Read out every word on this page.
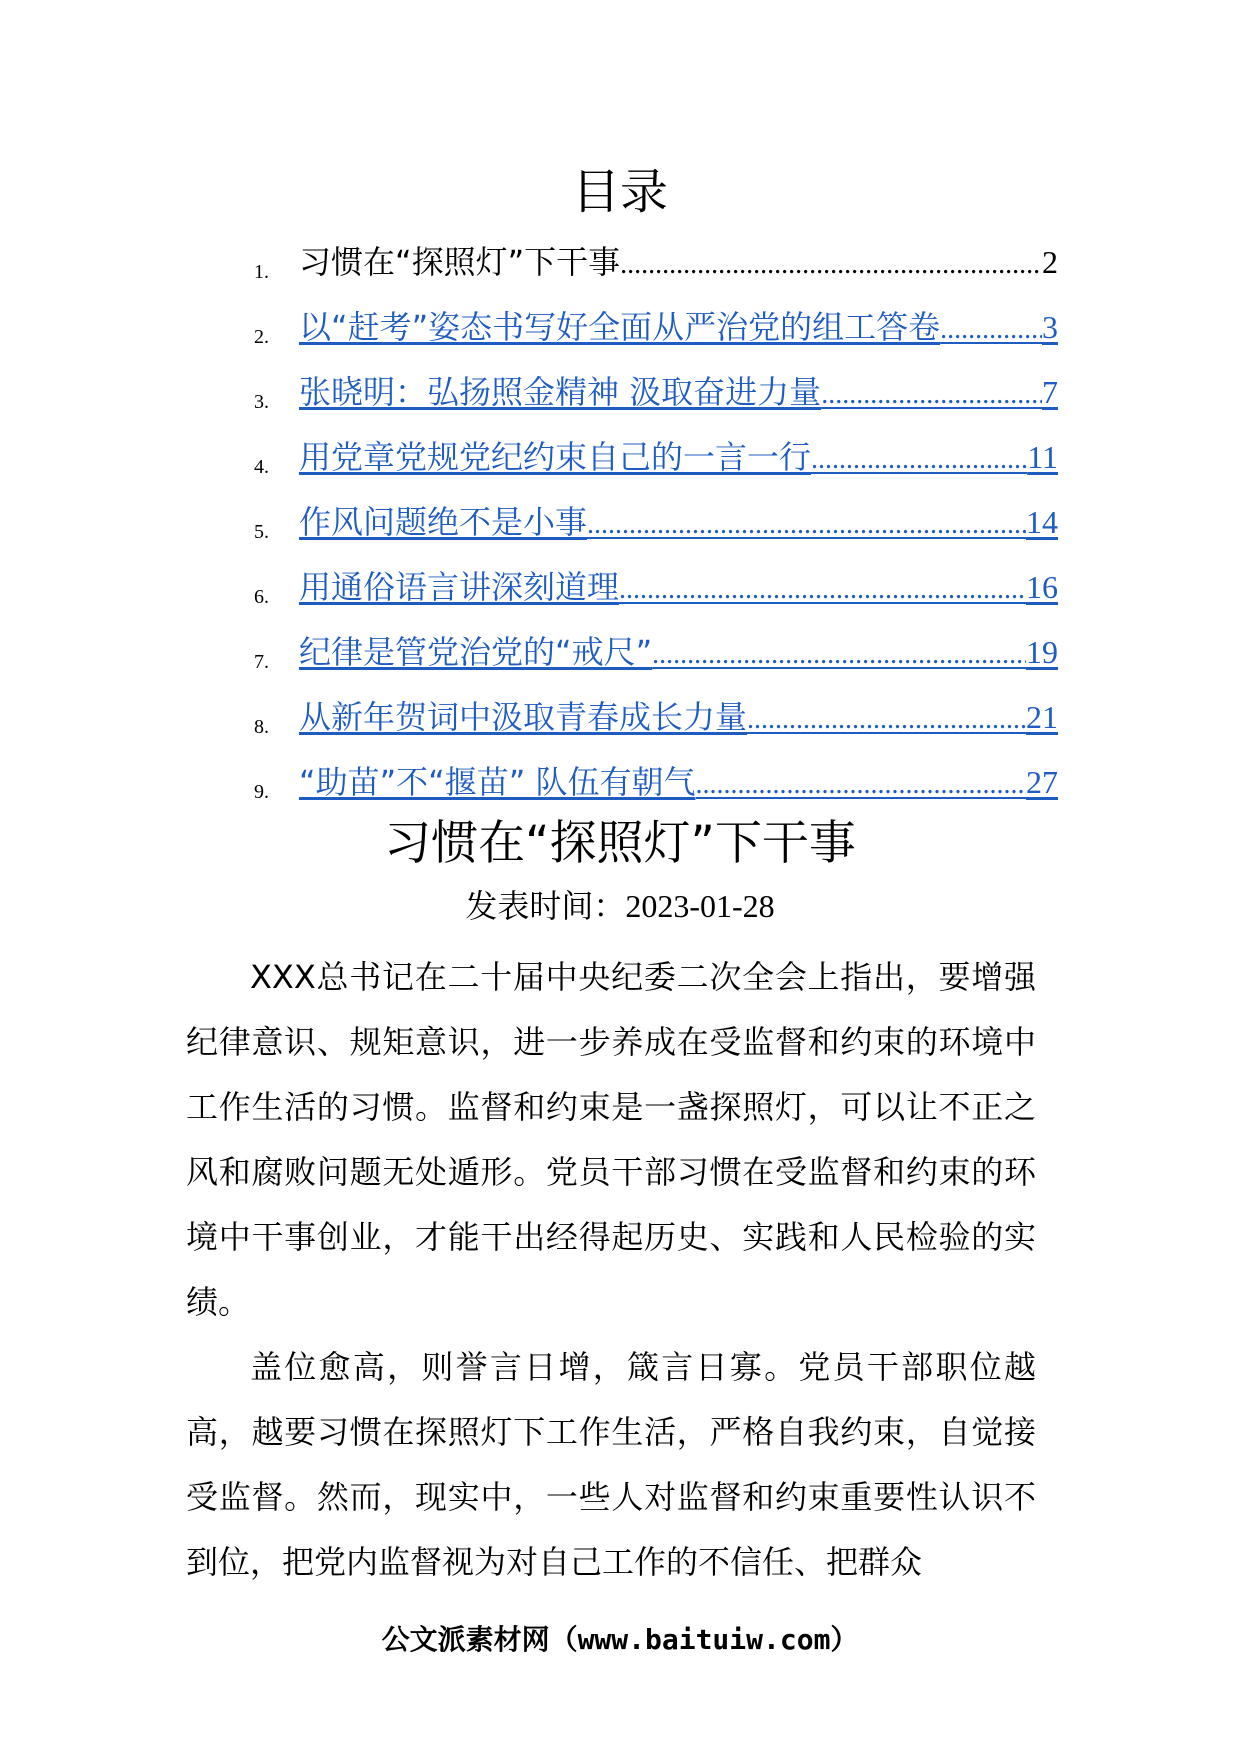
目录
1. 习惯在“探照灯”下干事 .....	2
2. 以“赶考”姿态书写好全面从严治党的组工答卷 .....	3
3. 张晓明：弘扬照金精神 汲取奋进力量 .....	7
4. 用党章党规党纪约束自己的一言一行 .....	11
5. 作风问题绝不是小事 .....	14
6. 用通俗语言讲深刻道理 .....	16
7. 纪律是管党治党的“戒尺” .....	19
8. 从新年贺词中汲取青春成长力量 .....	21
9. “助苗”不“揠苗” 队伍有朝气 .....	27
习惯在“探照灯”下干事
发表时间：2023-01-28

XXX总书记在二十届中央纪委二次全会上指出，要增强纪律意识、规矩意识，进一步养成在受监督和约束的环境中工作生活的习惯。监督和约束是一盏探照灯，可以让不正之风和腐败问题无处遁形。党员干部习惯在受监督和约束的环境中干事创业，才能干出经得起历史、实践和人民检验的实绩。

盖位愈高，则誉言日增，箴言日寡。党员干部职位越高，越要习惯在探照灯下工作生活，严格自我约束，自觉接受监督。然而，现实中，一些人对监督和约束重要性认识不到位，把党内监督视为对自己工作的不信任、把群众

公文派素材网（www.baituiw.com）
